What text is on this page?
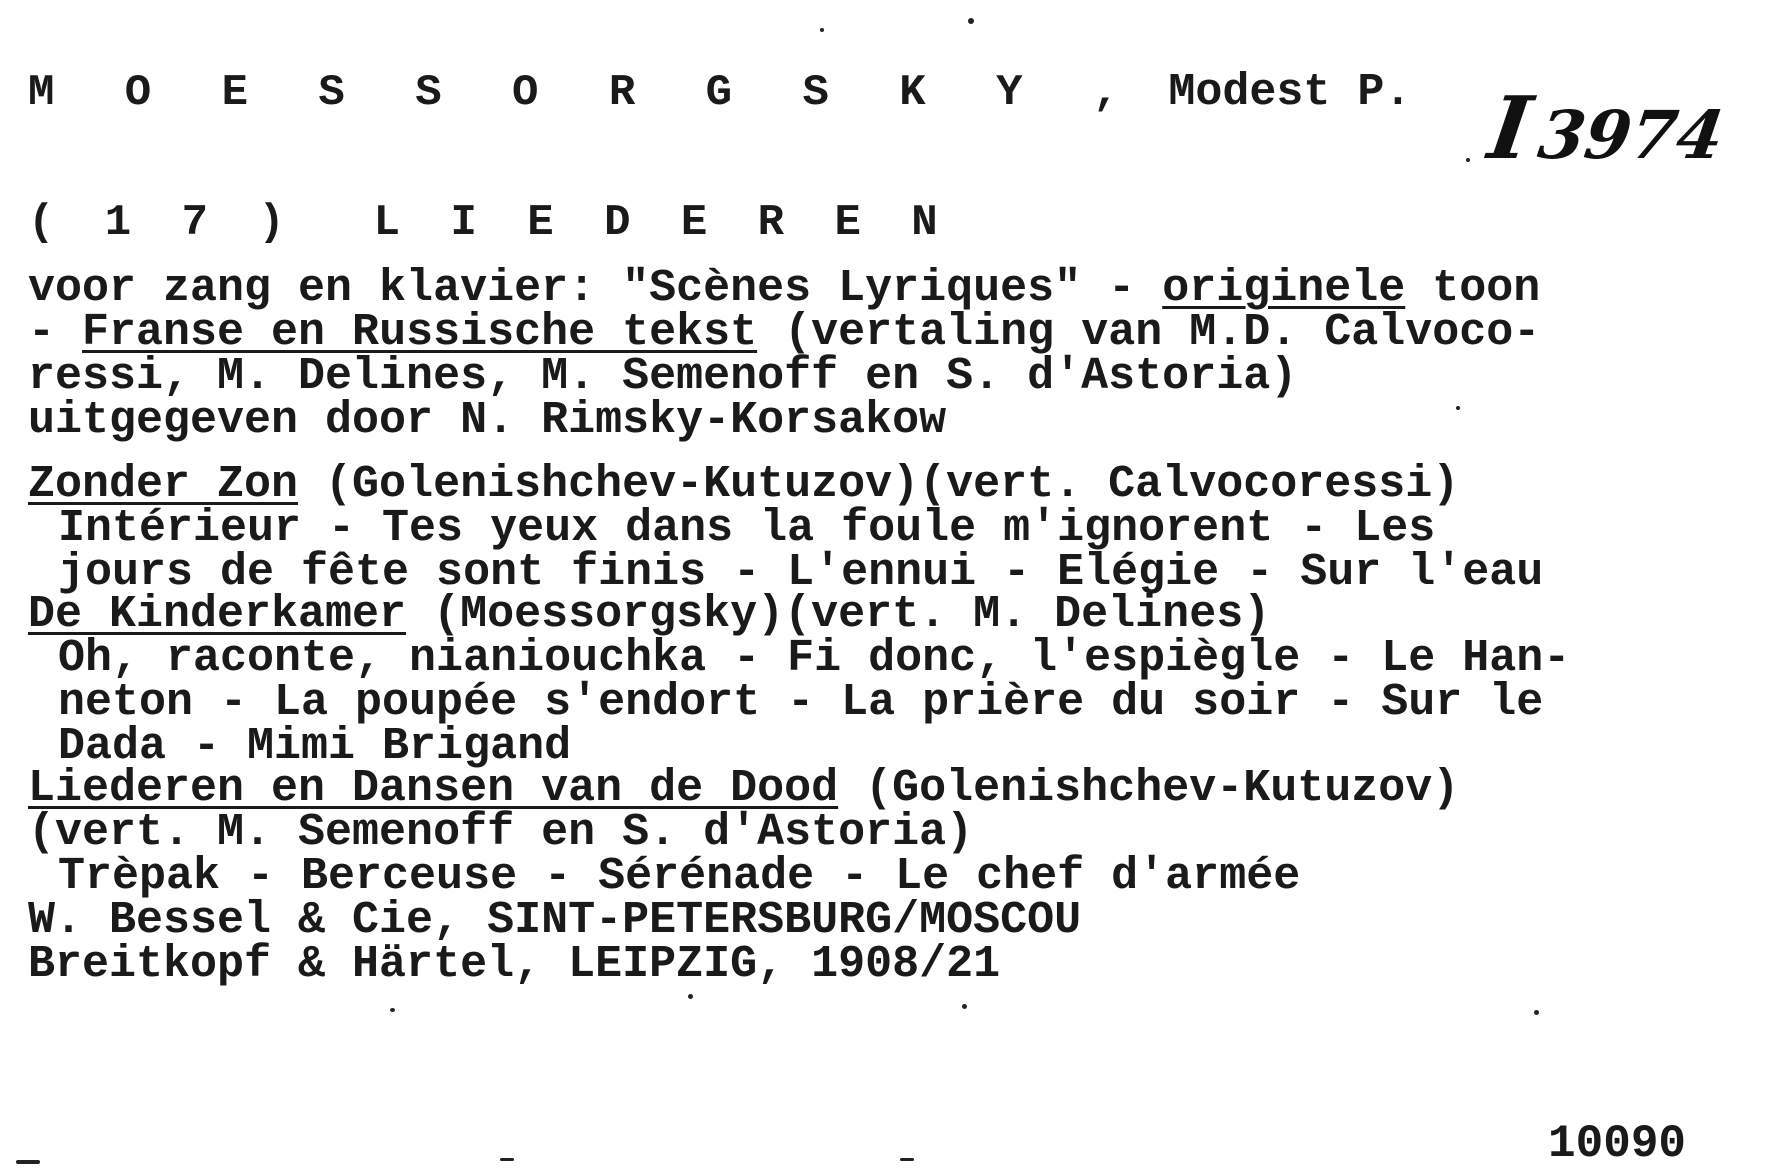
M O E S S O R G S K Y , Modest P. I3974
( 1 7 )  L I E D E R E N
voor zang en klavier: "Scènes Lyriques" - originele toon
- Franse en Russische tekst (vertaling van M.D. Calvoco-
ressi, M. Delines, M. Semenoff en S. d'Astoria)
uitgegeven door N. Rimsky-Korsakow
Zonder Zon (Golenishchev-Kutuzov)(vert. Calvocoressi)
Intérieur - Tes yeux dans la foule m'ignorent - Les
jours de fête sont finis - L'ennui - Elégie - Sur l'eau
De Kinderkamer (Moessorgsky)(vert. M. Delines)
Oh, raconte, nianiouchka - Fi donc, l'espiègle - Le Han-
neton - La poupée s'endort - La prière du soir - Sur le
Dada - Mimi Brigand
Liederen en Dansen van de Dood (Golenishchev-Kutuzov)
(vert. M. Semenoff en S. d'Astoria)
Trèpak - Berceuse - Sérénade - Le chef d'armée
W. Bessel & Cie, SINT-PETERSBURG/MOSCOU
Breitkopf & Härtel, LEIPZIG, 1908/21
10090
